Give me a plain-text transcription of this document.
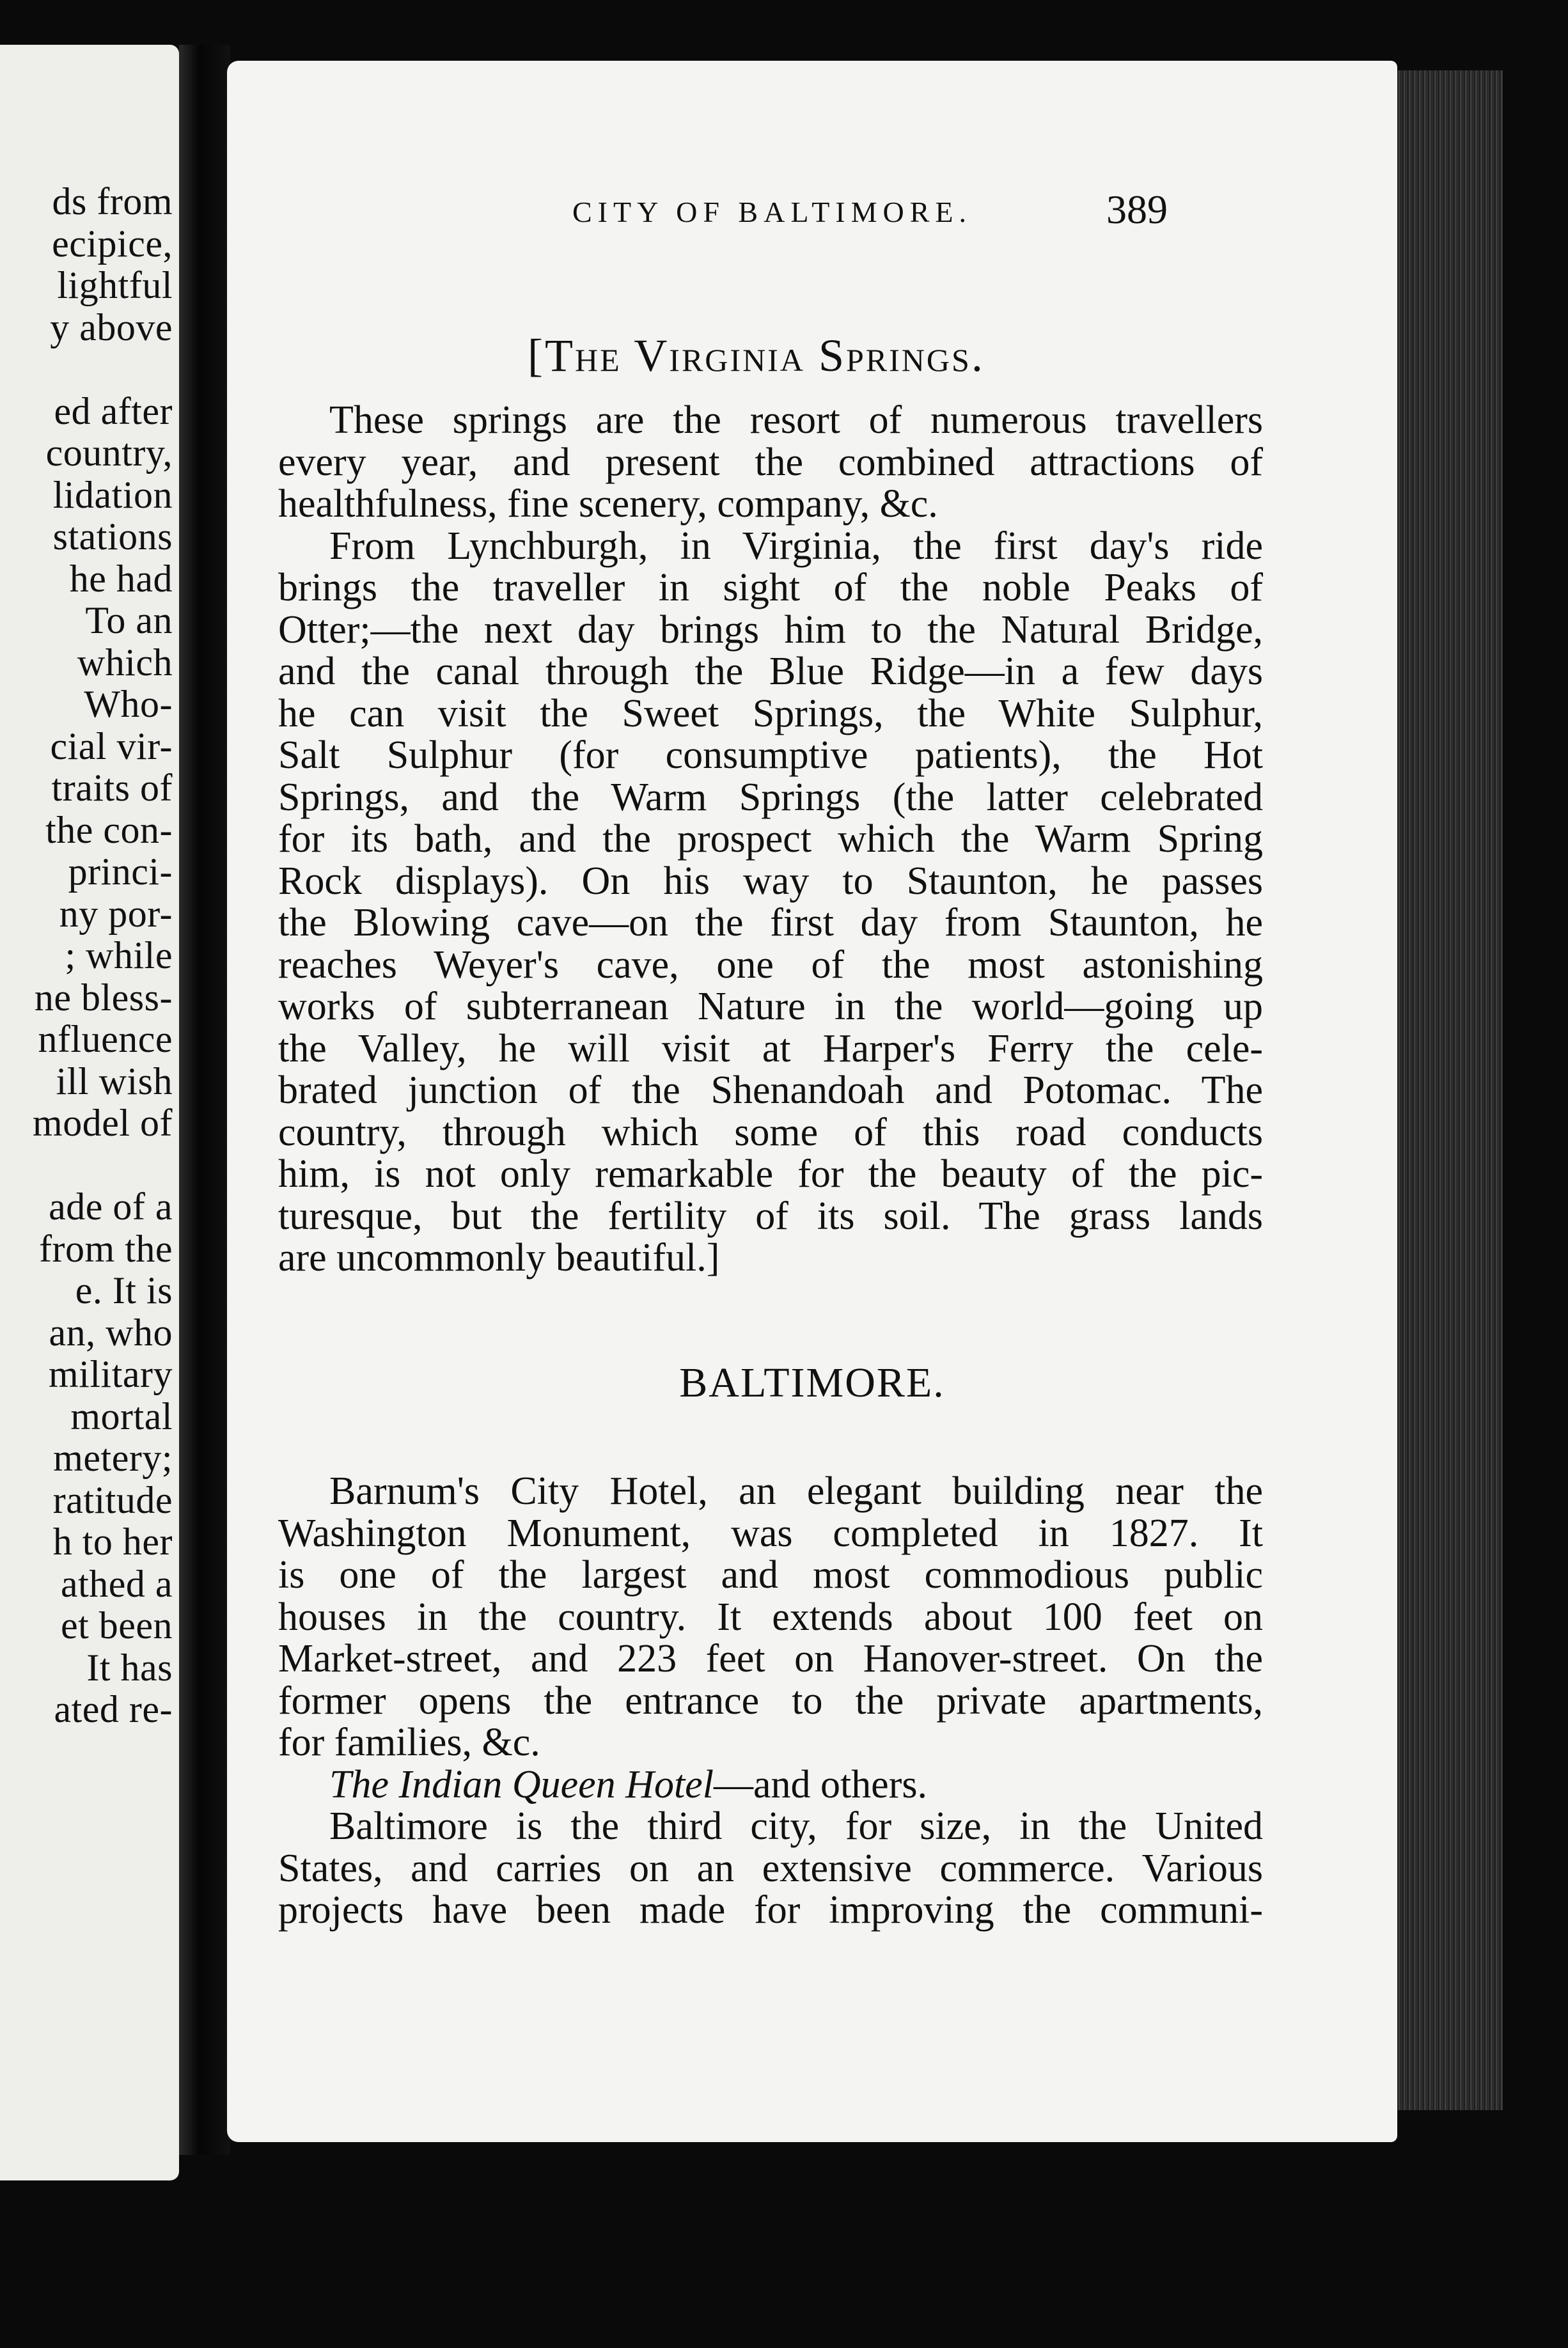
ds from
ecipice,
lightful
y above
ed after
country,
lidation
stations
he had
To an
which
Who-
cial vir-
traits of
the con-
princi-
ny por-
; while
ne bless-
nfluence
ill wish
model of
ade of a
from the
e. It is
an, who
military
mortal
metery;
ratitude
h to her
athed a
et been
It has
ated re-
CITY OF BALTIMORE.	389
[The Virginia Springs.
These springs are the resort of numerous travellers
every year, and present the combined attractions of
healthfulness, fine scenery, company, &c.
From Lynchburgh, in Virginia, the first day's ride
brings the traveller in sight of the noble Peaks of
Otter;—the next day brings him to the Natural Bridge,
and the canal through the Blue Ridge—in a few days
he can visit the Sweet Springs, the White Sulphur,
Salt Sulphur (for consumptive patients), the Hot
Springs, and the Warm Springs (the latter celebrated
for its bath, and the prospect which the Warm Spring
Rock displays). On his way to Staunton, he passes
the Blowing cave—on the first day from Staunton, he
reaches Weyer's cave, one of the most astonishing
works of subterranean Nature in the world—going up
the Valley, he will visit at Harper's Ferry the cele-
brated junction of the Shenandoah and Potomac. The
country, through which some of this road conducts
him, is not only remarkable for the beauty of the pic-
turesque, but the fertility of its soil. The grass lands
are uncommonly beautiful.]
BALTIMORE.
Barnum's City Hotel, an elegant building near the
Washington Monument, was completed in 1827. It
is one of the largest and most commodious public
houses in the country. It extends about 100 feet on
Market-street, and 223 feet on Hanover-street. On the
former opens the entrance to the private apartments,
for families, &c.
The Indian Queen Hotel—and others.
Baltimore is the third city, for size, in the United
States, and carries on an extensive commerce. Various
projects have been made for improving the communi-
